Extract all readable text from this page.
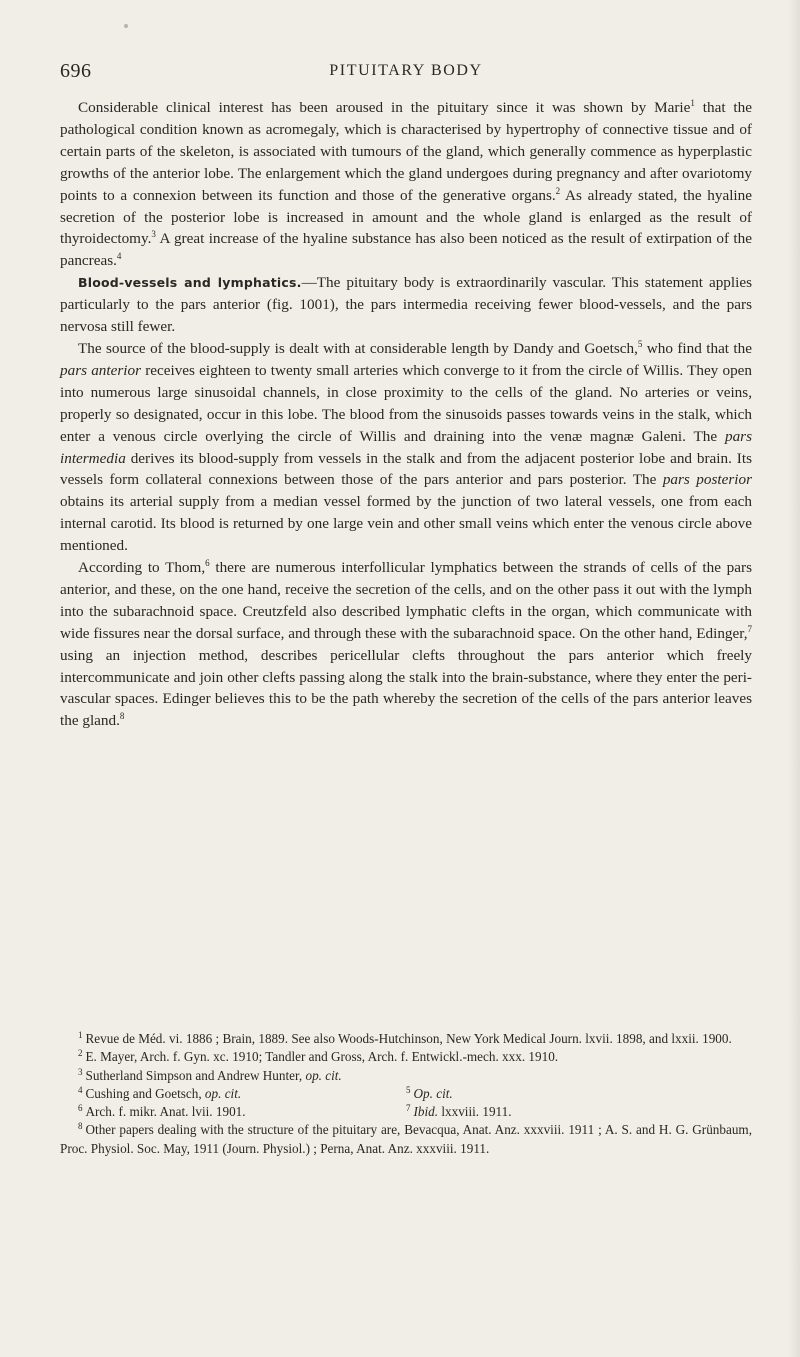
696	PITUITARY BODY

Considerable clinical interest has been aroused in the pituitary since it was shown by Marie$^1$ that the pathological condition known as acromegaly, which is characterised by hypertrophy of connective tissue and of certain parts of the skeleton, is associated with tumours of the gland, which generally commence as hyperplastic growths of the anterior lobe. The enlargement which the gland undergoes during pregnancy and after ovariotomy points to a connexion between its function and those of the generative organs.$^2$ As already stated, the hyaline secretion of the posterior lobe is increased in amount and the whole gland is enlarged as the result of thyroidectomy.$^3$ A great increase of the hyaline substance has also been noticed as the result of extirpation of the pancreas.$^4$

Blood-vessels and lymphatics.—The pituitary body is extraordinarily vascular. This statement applies particularly to the pars anterior (fig. 1001), the pars intermedia receiving fewer blood-vessels, and the pars nervosa still fewer.

The source of the blood-supply is dealt with at considerable length by Dandy and Goetsch,$^5$ who find that the pars anterior receives eighteen to twenty small arteries which converge to it from the circle of Willis. They open into numerous large sinusoidal channels, in close proximity to the cells of the gland. No arteries or veins, properly so designated, occur in this lobe. The blood from the sinusoids passes towards veins in the stalk, which enter a venous circle overlying the circle of Willis and draining into the venæ magnæ Galeni. The pars intermedia derives its blood-supply from vessels in the stalk and from the adjacent posterior lobe and brain. Its vessels form collateral connexions between those of the pars anterior and pars posterior. The pars posterior obtains its arterial supply from a median vessel formed by the junction of two lateral vessels, one from each internal carotid. Its blood is returned by one large vein and other small veins which enter the venous circle above mentioned.

According to Thom,$^6$ there are numerous interfollicular lymphatics between the strands of cells of the pars anterior, and these, on the one hand, receive the secretion of the cells, and on the other pass it out with the lymph into the subarachnoid space. Creutzfeld also described lymphatic clefts in the organ, which communicate with wide fissures near the dorsal surface, and through these with the subarachnoid space. On the other hand, Edinger,$^7$ using an injection method, describes pericellular clefts throughout the pars anterior which freely intercommunicate and join other clefts passing along the stalk into the brain-substance, where they enter the peri-vascular spaces. Edinger believes this to be the path whereby the secretion of the cells of the pars anterior leaves the gland.$^8$

$^1$ Revue de Méd. vi. 1886 ; Brain, 1889. See also Woods-Hutchinson, New York Medical Journ. lxvii. 1898, and lxxii. 1900.

$^2$ E. Mayer, Arch. f. Gyn. xc. 1910; Tandler and Gross, Arch. f. Entwickl.-mech. xxx. 1910.

$^3$ Sutherland Simpson and Andrew Hunter, op. cit.

$^4$ Cushing and Goetsch, op. cit.	$^5$ Op. cit.

$^6$ Arch. f. mikr. Anat. lvii. 1901.	$^7$ Ibid. lxxviii. 1911.

$^8$ Other papers dealing with the structure of the pituitary are, Bevacqua, Anat. Anz. xxxviii. 1911 ; A. S. and H. G. Grünbaum, Proc. Physiol. Soc. May, 1911 (Journ. Physiol.) ; Perna, Anat. Anz. xxxviii. 1911.
